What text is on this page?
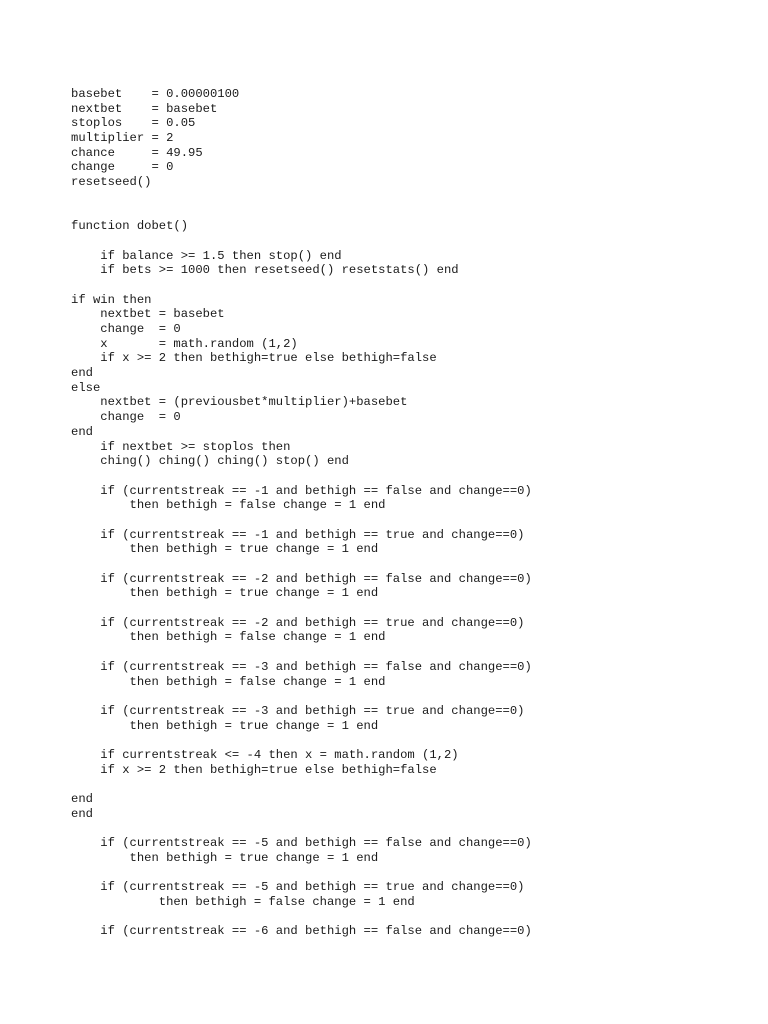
basebet    = 0.00000100
nextbet    = basebet
stoplos    = 0.05
multiplier = 2
chance     = 49.95
change     = 0
resetseed()
function dobet()
if balance >= 1.5 then stop() end
if bets >= 1000 then resetseed() resetstats() end
if win then
nextbet = basebet
change  = 0
x       = math.random (1,2)
if x >= 2 then bethigh=true else bethigh=false
end
else
nextbet = (previousbet*multiplier)+basebet
change  = 0
end
if nextbet >= stoplos then
ching() ching() ching() stop() end
if (currentstreak == -1 and bethigh == false and change==0)
then bethigh = false change = 1 end
if (currentstreak == -1 and bethigh == true and change==0)
then bethigh = true change = 1 end
if (currentstreak == -2 and bethigh == false and change==0)
then bethigh = true change = 1 end
if (currentstreak == -2 and bethigh == true and change==0)
then bethigh = false change = 1 end
if (currentstreak == -3 and bethigh == false and change==0)
then bethigh = false change = 1 end
if (currentstreak == -3 and bethigh == true and change==0)
then bethigh = true change = 1 end
if currentstreak <= -4 then x = math.random (1,2)
if x >= 2 then bethigh=true else bethigh=false
end
end
if (currentstreak == -5 and bethigh == false and change==0)
then bethigh = true change = 1 end
if (currentstreak == -5 and bethigh == true and change==0)
then bethigh = false change = 1 end
if (currentstreak == -6 and bethigh == false and change==0)
